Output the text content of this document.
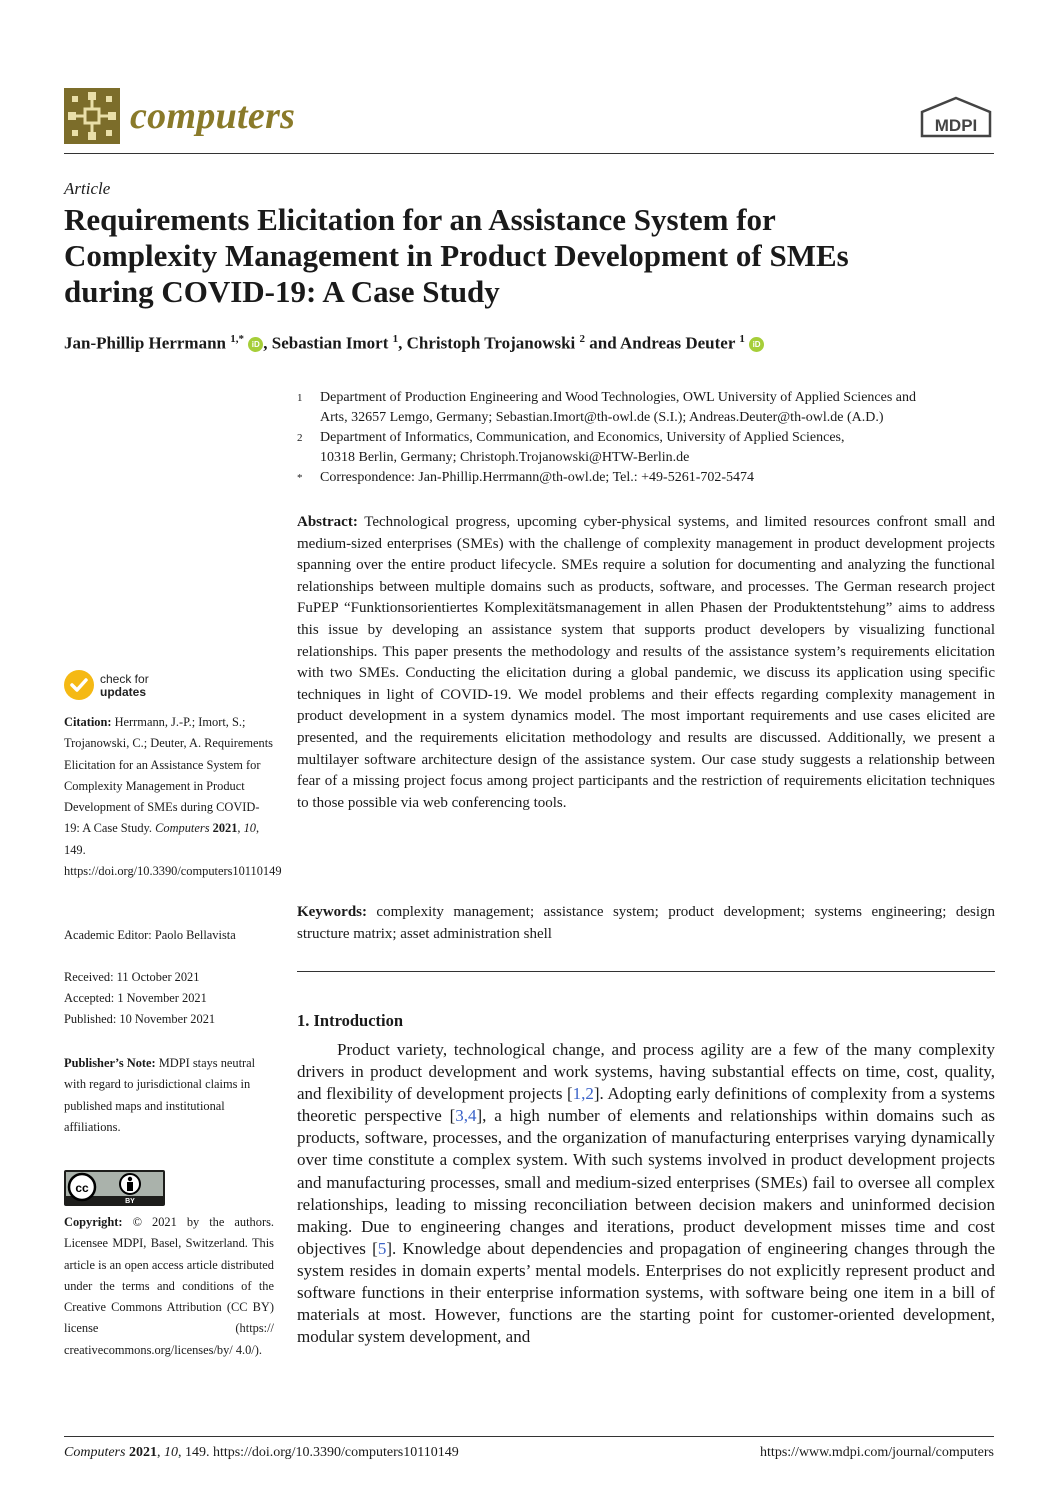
computers	MDPI
Article
Requirements Elicitation for an Assistance System for
Complexity Management in Product Development of SMEs
during COVID-19: A Case Study
Jan-Phillip Herrmann $^{1,*}$ iD , Sebastian Imort $^1$, Christoph Trojanowski $^2$ and Andreas Deuter $^1$ iD
1 Department of Production Engineering and Wood Technologies, OWL University of Applied Sciences and
Arts, 32657 Lemgo, Germany; Sebastian.Imort@th-owl.de (S.I.); Andreas.Deuter@th-owl.de (A.D.)
2 Department of Informatics, Communication, and Economics, University of Applied Sciences,
10318 Berlin, Germany; Christoph.Trojanowski@HTW-Berlin.de
* Correspondence: Jan-Phillip.Herrmann@th-owl.de; Tel.: +49-5261-702-5474
Abstract: Technological progress, upcoming cyber-physical systems, and limited resources confront small and medium-sized enterprises (SMEs) with the challenge of complexity management in product development projects spanning over the entire product lifecycle. SMEs require a solution for documenting and analyzing the functional relationships between multiple domains such as products, software, and processes. The German research project FuPEP “Funktionsorientiertes Komplexitätsmanagement in allen Phasen der Produktentstehung” aims to address this issue by developing an assistance system that supports product developers by visualizing functional relationships. This paper presents the methodology and results of the assistance system’s requirements elicitation with two SMEs. Conducting the elicitation during a global pandemic, we discuss its application using specific techniques in light of COVID-19. We model problems and their effects regarding complexity management in product development in a system dynamics model. The most important requirements and use cases elicited are presented, and the requirements elicitation methodology and results are discussed. Additionally, we present a multilayer software architecture design of the assistance system. Our case study suggests a relationship between fear of a missing project focus among project participants and the restriction of requirements elicitation techniques to those possible via web conferencing tools.
Keywords: complexity management; assistance system; product development; systems engineering; design structure matrix; asset administration shell
1. Introduction
Product variety, technological change, and process agility are a few of the many complexity drivers in product development and work systems, having substantial effects on time, cost, quality, and flexibility of development projects [1,2]. Adopting early definitions of complexity from a systems theoretic perspective [3,4], a high number of elements and relationships within domains such as products, software, processes, and the organization of manufacturing enterprises varying dynamically over time constitute a complex system. With such systems involved in product development projects and manufacturing processes, small and medium-sized enterprises (SMEs) fail to oversee all complex relationships, leading to missing reconciliation between decision makers and uninformed decision making. Due to engineering changes and iterations, product development misses time and cost objectives [5]. Knowledge about dependencies and propagation of engineering changes through the system resides in domain experts’ mental models. Enterprises do not explicitly represent product and software functions in their enterprise information systems, with software being one item in a bill of materials at most. However, functions are the starting point for customer-oriented development, modular system development, and
check for
updates
Citation: Herrmann, J.-P.; Imort, S.; Trojanowski, C.; Deuter, A. Requirements Elicitation for an Assistance System for Complexity Management in Product Development of SMEs during COVID-19: A Case Study. Computers 2021, 10, 149. https://doi.org/10.3390/computers10110149
Academic Editor: Paolo Bellavista
Received: 11 October 2021
Accepted: 1 November 2021
Published: 10 November 2021
Publisher’s Note: MDPI stays neutral with regard to jurisdictional claims in published maps and institutional affiliations.
cc
BY
Copyright: © 2021 by the authors. Licensee MDPI, Basel, Switzerland. This article is an open access article distributed under the terms and conditions of the Creative Commons Attribution (CC BY) license (https:// creativecommons.org/licenses/by/ 4.0/).
Computers 2021, 10, 149. https://doi.org/10.3390/computers10110149	https://www.mdpi.com/journal/computers
